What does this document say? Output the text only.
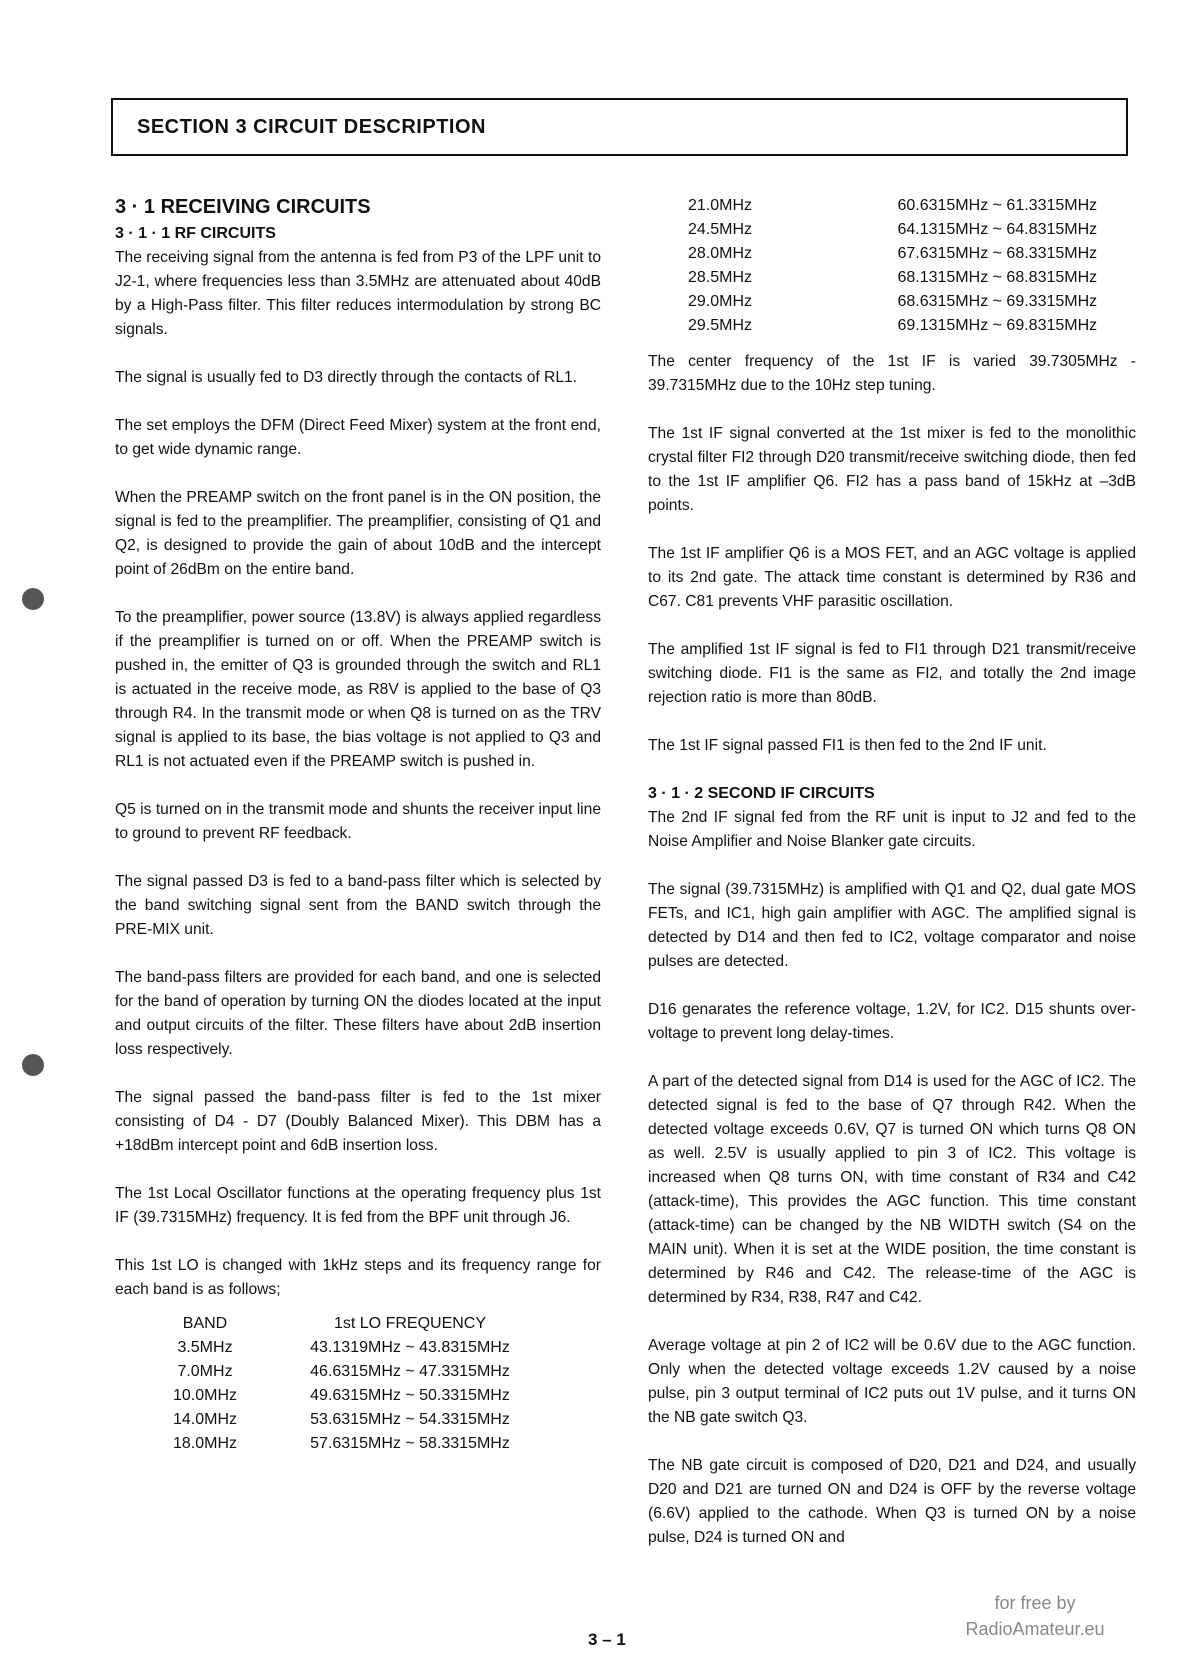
SECTION 3 CIRCUIT DESCRIPTION
3 · 1 RECEIVING CIRCUITS
3 · 1 · 1 RF CIRCUITS

The receiving signal from the antenna is fed from P3 of the LPF unit to J2-1, where frequencies less than 3.5MHz are attenuated about 40dB by a High-Pass filter. This filter reduces intermodulation by strong BC signals.

The signal is usually fed to D3 directly through the contacts of RL1.

The set employs the DFM (Direct Feed Mixer) system at the front end, to get wide dynamic range.

When the PREAMP switch on the front panel is in the ON position, the signal is fed to the preamplifier. The preamplifier, consisting of Q1 and Q2, is designed to provide the gain of about 10dB and the intercept point of 26dBm on the entire band.

To the preamplifier, power source (13.8V) is always applied regardless if the preamplifier is turned on or off. When the PREAMP switch is pushed in, the emitter of Q3 is grounded through the switch and RL1 is actuated in the receive mode, as R8V is applied to the base of Q3 through R4. In the transmit mode or when Q8 is turned on as the TRV signal is applied to its base, the bias voltage is not applied to Q3 and RL1 is not actuated even if the PREAMP switch is pushed in.

Q5 is turned on in the transmit mode and shunts the receiver input line to ground to prevent RF feedback.

The signal passed D3 is fed to a band-pass filter which is selected by the band switching signal sent from the BAND switch through the PRE-MIX unit.

The band-pass filters are provided for each band, and one is selected for the band of operation by turning ON the diodes located at the input and output circuits of the filter. These filters have about 2dB insertion loss respectively.

The signal passed the band-pass filter is fed to the 1st mixer consisting of D4 - D7 (Doubly Balanced Mixer). This DBM has a +18dBm intercept point and 6dB insertion loss.

The 1st Local Oscillator functions at the operating frequency plus 1st IF (39.7315MHz) frequency. It is fed from the BPF unit through J6.

This 1st LO is changed with 1kHz steps and its frequency range for each band is as follows;

BAND	1st LO FREQUENCY
3.5MHz	43.1319MHz ~ 43.8315MHz
7.0MHz	46.6315MHz ~ 47.3315MHz
10.0MHz	49.6315MHz ~ 50.3315MHz
14.0MHz	53.6315MHz ~ 54.3315MHz
18.0MHz	57.6315MHz ~ 58.3315MHz
21.0MHz	60.6315MHz ~ 61.3315MHz
24.5MHz	64.1315MHz ~ 64.8315MHz
28.0MHz	67.6315MHz ~ 68.3315MHz
28.5MHz	68.1315MHz ~ 68.8315MHz
29.0MHz	68.6315MHz ~ 69.3315MHz
29.5MHz	69.1315MHz ~ 69.8315MHz

The center frequency of the 1st IF is varied 39.7305MHz - 39.7315MHz due to the 10Hz step tuning.

The 1st IF signal converted at the 1st mixer is fed to the monolithic crystal filter FI2 through D20 transmit/receive switching diode, then fed to the 1st IF amplifier Q6. FI2 has a pass band of 15kHz at –3dB points.

The 1st IF amplifier Q6 is a MOS FET, and an AGC voltage is applied to its 2nd gate. The attack time constant is determined by R36 and C67. C81 prevents VHF parasitic oscillation.

The amplified 1st IF signal is fed to FI1 through D21 transmit/receive switching diode. FI1 is the same as FI2, and totally the 2nd image rejection ratio is more than 80dB.

The 1st IF signal passed FI1 is then fed to the 2nd IF unit.

3 · 1 · 2 SECOND IF CIRCUITS

The 2nd IF signal fed from the RF unit is input to J2 and fed to the Noise Amplifier and Noise Blanker gate circuits.

The signal (39.7315MHz) is amplified with Q1 and Q2, dual gate MOS FETs, and IC1, high gain amplifier with AGC. The amplified signal is detected by D14 and then fed to IC2, voltage comparator and noise pulses are detected.

D16 genarates the reference voltage, 1.2V, for IC2. D15 shunts over-voltage to prevent long delay-times.

A part of the detected signal from D14 is used for the AGC of IC2. The detected signal is fed to the base of Q7 through R42. When the detected voltage exceeds 0.6V, Q7 is turned ON which turns Q8 ON as well. 2.5V is usually applied to pin 3 of IC2. This voltage is increased when Q8 turns ON, with time constant of R34 and C42 (attack-time), This provides the AGC function. This time constant (attack-time) can be changed by the NB WIDTH switch (S4 on the MAIN unit). When it is set at the WIDE position, the time constant is determined by R46 and C42. The release-time of the AGC is determined by R34, R38, R47 and C42.

Average voltage at pin 2 of IC2 will be 0.6V due to the AGC function. Only when the detected voltage exceeds 1.2V caused by a noise pulse, pin 3 output terminal of IC2 puts out 1V pulse, and it turns ON the NB gate switch Q3.

The NB gate circuit is composed of D20, D21 and D24, and usually D20 and D21 are turned ON and D24 is OFF by the reverse voltage (6.6V) applied to the cathode. When Q3 is turned ON by a noise pulse, D24 is turned ON and

3 – 1
for free by
RadioAmateur.eu
